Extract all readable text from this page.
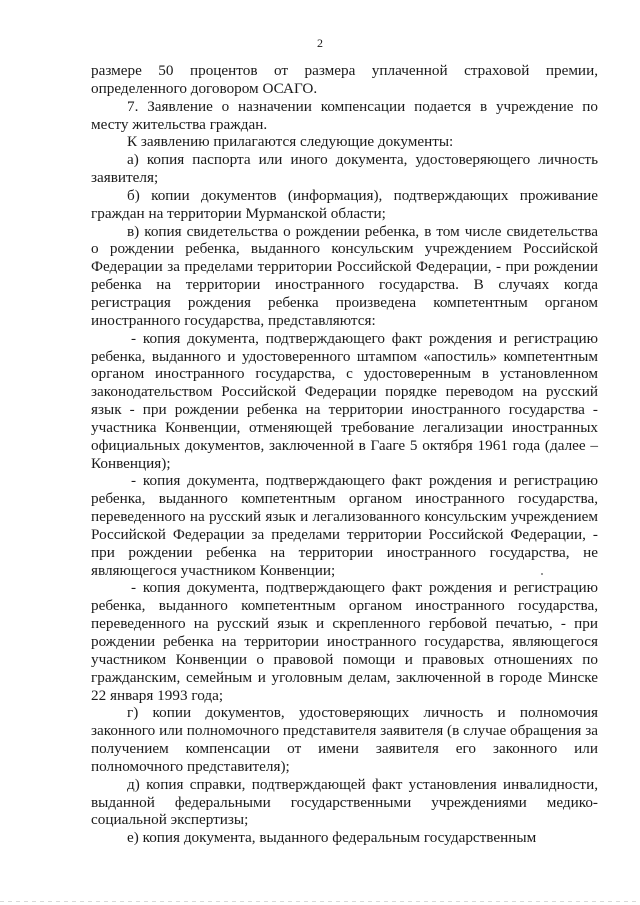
2

размере 50 процентов от размера уплаченной страховой премии, определенного договором ОСАГО.

7. Заявление о назначении компенсации подается в учреждение по месту жительства граждан.

К заявлению прилагаются следующие документы:

а) копия паспорта или иного документа, удостоверяющего личность заявителя;

б) копии документов (информация), подтверждающих проживание граждан на территории Мурманской области;

в) копия свидетельства о рождении ребенка, в том числе свидетельства о рождении ребенка, выданного консульским учреждением Российской Федерации за пределами территории Российской Федерации, - при рождении ребенка на территории иностранного государства. В случаях когда регистрация рождения ребенка произведена компетентным органом иностранного государства, представляются:

- копия документа, подтверждающего факт рождения и регистрацию ребенка, выданного и удостоверенного штампом «апостиль» компетентным органом иностранного государства, с удостоверенным в установленном законодательством Российской Федерации порядке переводом на русский язык - при рождении ребенка на территории иностранного государства - участника Конвенции, отменяющей требование легализации иностранных официальных документов, заключенной в Гааге 5 октября 1961 года (далее – Конвенция);

- копия документа, подтверждающего факт рождения и регистрацию ребенка, выданного компетентным органом иностранного государства, переведенного на русский язык и легализованного консульским учреждением Российской Федерации за пределами территории Российской Федерации, - при рождении ребенка на территории иностранного государства, не являющегося участником Конвенции;

- копия документа, подтверждающего факт рождения и регистрацию ребенка, выданного компетентным органом иностранного государства, переведенного на русский язык и скрепленного гербовой печатью, - при рождении ребенка на территории иностранного государства, являющегося участником Конвенции о правовой помощи и правовых отношениях по гражданским, семейным и уголовным делам, заключенной в городе Минске 22 января 1993 года;

г) копии документов, удостоверяющих личность и полномочия законного или полномочного представителя заявителя (в случае обращения за получением компенсации от имени заявителя его законного или полномочного представителя);

д) копия справки, подтверждающей факт установления инвалидности, выданной федеральными государственными учреждениями медико-социальной экспертизы;

е) копия документа, выданного федеральным государственным
